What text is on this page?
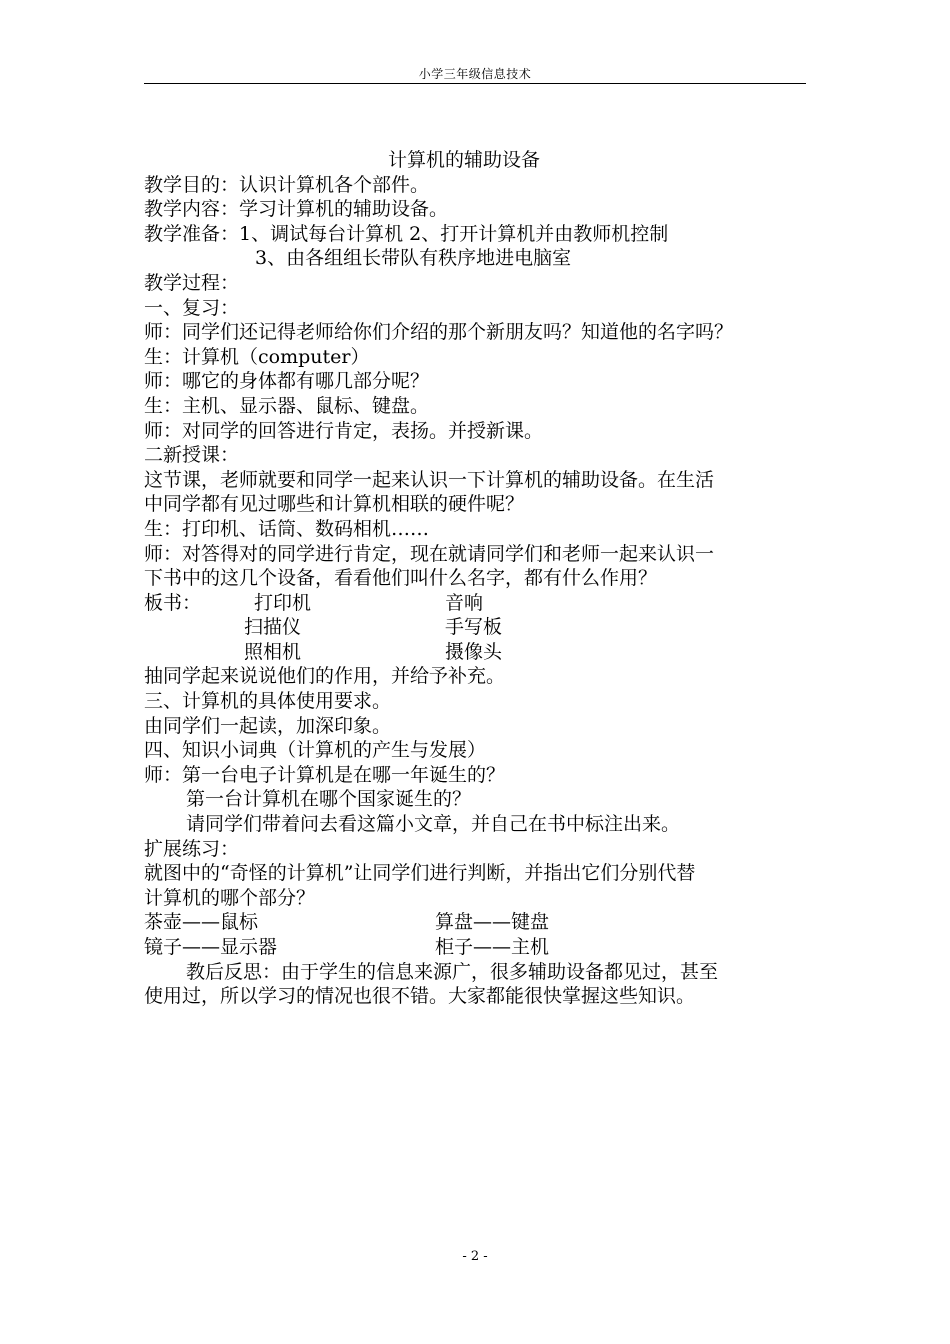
小学三年级信息技术
计算机的辅助设备
教学目的：认识计算机各个部件。
教学内容：学习计算机的辅助设备。
教学准备：1、调试每台计算机 2、打开计算机并由教师机控制
3、由各组组长带队有秩序地进电脑室
教学过程：
一、复习：
师：同学们还记得老师给你们介绍的那个新朋友吗？知道他的名字吗？
生：计算机（computer）
师：哪它的身体都有哪几部分呢？
生：主机、显示器、鼠标、键盘。
师：对同学的回答进行肯定，表扬。并授新课。
二新授课：
这节课，老师就要和同学一起来认识一下计算机的辅助设备。在生活
中同学都有见过哪些和计算机相联的硬件呢？
生：打印机、话筒、数码相机……
师：对答得对的同学进行肯定，现在就请同学们和老师一起来认识一
下书中的这几个设备，看看他们叫什么名字，都有什么作用？
板书：	打印机	音响
扫描仪	手写板
照相机	摄像头
抽同学起来说说他们的作用，并给予补充。
三、计算机的具体使用要求。
由同学们一起读，加深印象。
四、知识小词典（计算机的产生与发展）
师：第一台电子计算机是在哪一年诞生的？
第一台计算机在哪个国家诞生的？
请同学们带着问去看这篇小文章，并自己在书中标注出来。
扩展练习：
就图中的“奇怪的计算机”让同学们进行判断，并指出它们分别代替
计算机的哪个部分？
茶壶——鼠标	算盘——键盘
镜子——显示器	柜子——主机
教后反思：由于学生的信息来源广，很多辅助设备都见过，甚至
使用过，所以学习的情况也很不错。大家都能很快掌握这些知识。
- 2 -
